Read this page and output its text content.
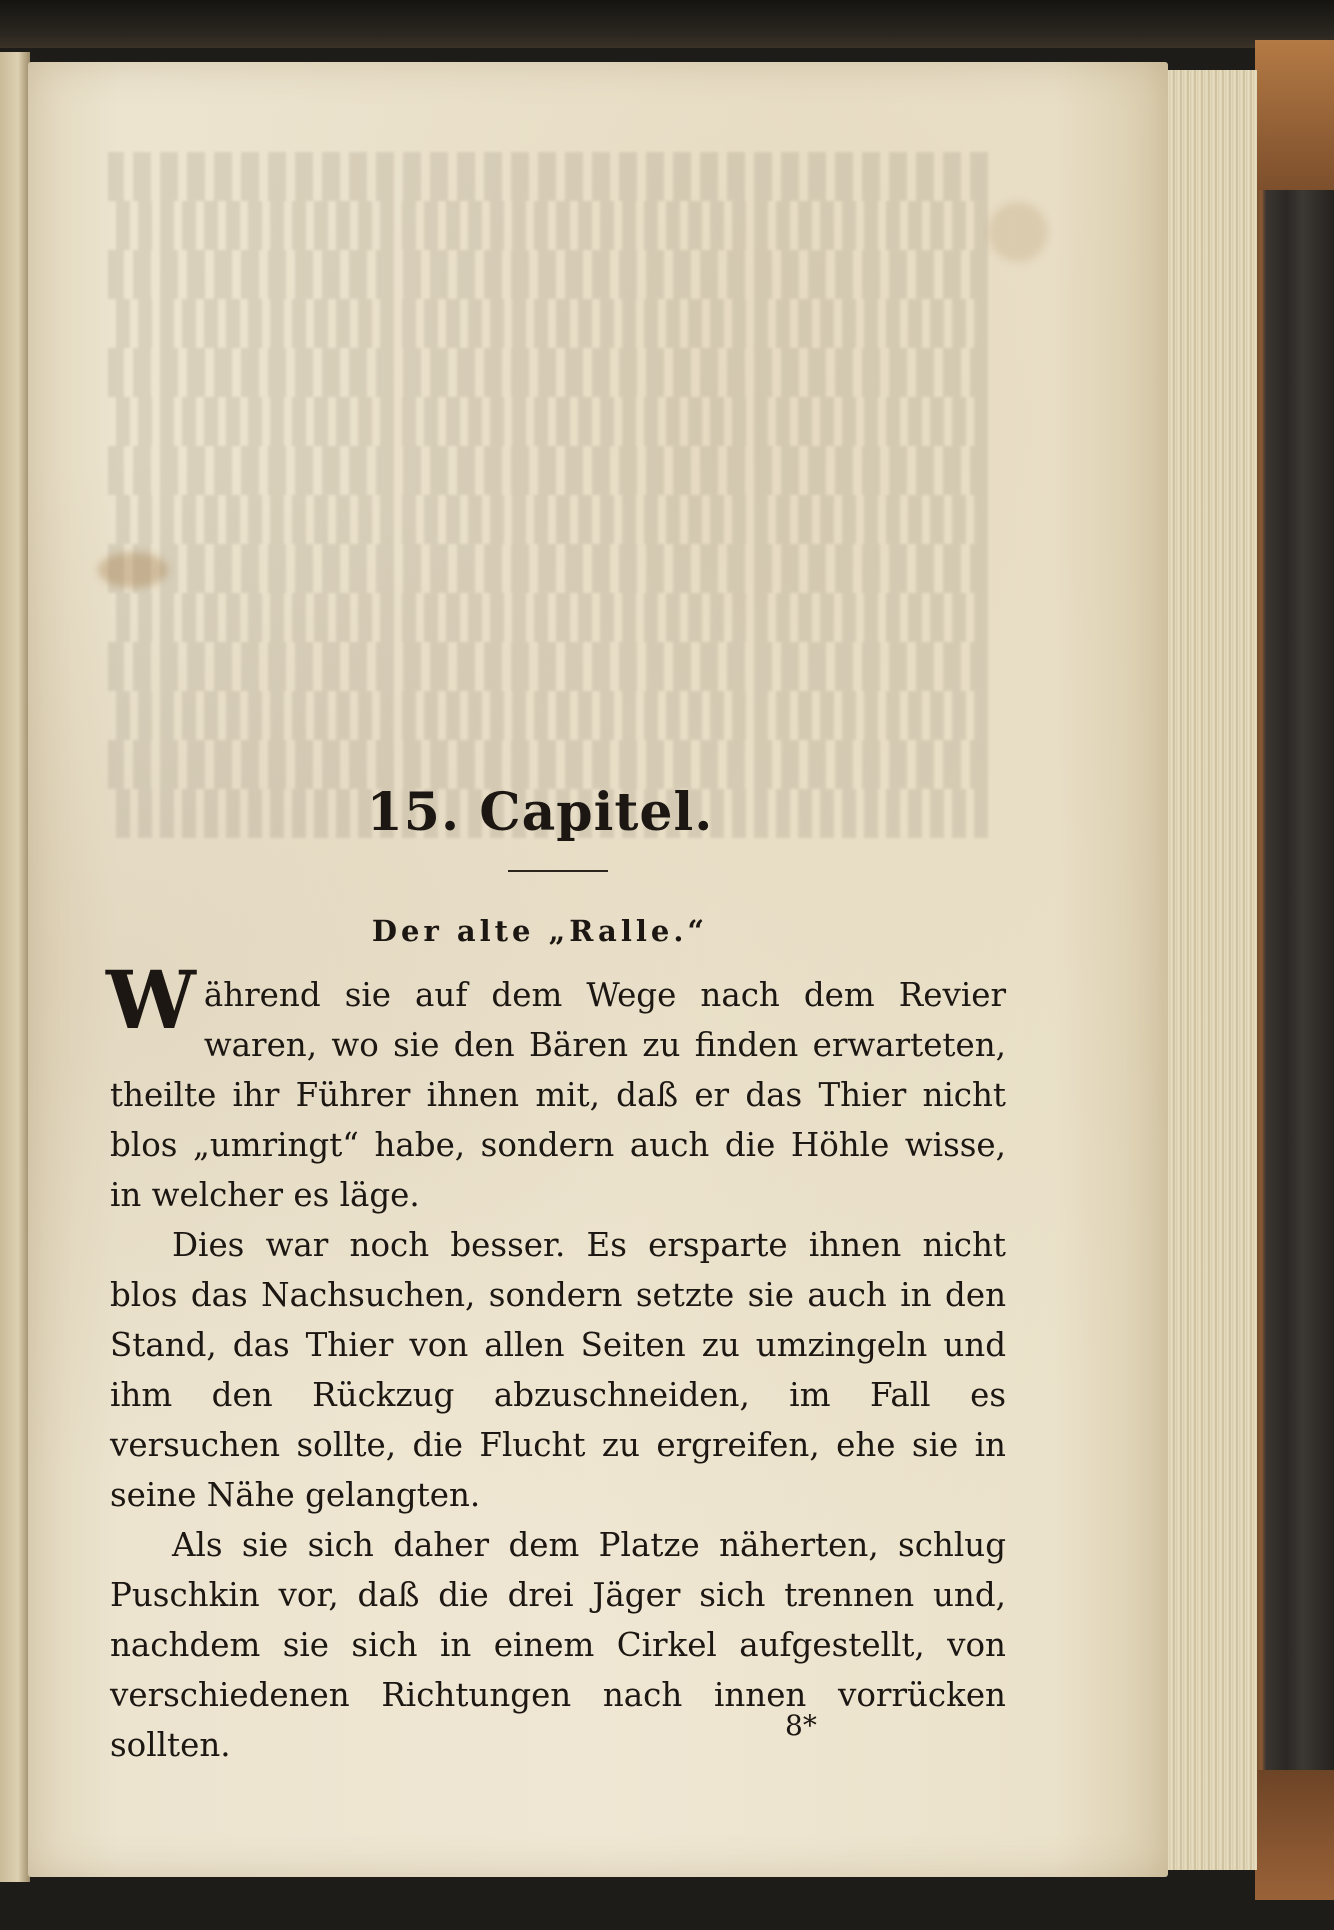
15. Capitel.
Der alte „Ralle.“

Während sie auf dem Wege nach dem Revier waren, wo sie den Bären zu finden erwarteten, theilte ihr Führer ihnen mit, daß er das Thier nicht blos „umringt“ habe, sondern auch die Höhle wisse, in welcher es läge.

Dies war noch besser. Es ersparte ihnen nicht blos das Nachsuchen, sondern setzte sie auch in den Stand, das Thier von allen Seiten zu umzingeln und ihm den Rückzug abzuschneiden, im Fall es versuchen sollte, die Flucht zu ergreifen, ehe sie in seine Nähe gelangten.

Als sie sich daher dem Platze näherten, schlug Puschkin vor, daß die drei Jäger sich trennen und, nachdem sie sich in einem Cirkel aufgestellt, von verschiedenen Richtungen nach innen vorrücken sollten.

8*
